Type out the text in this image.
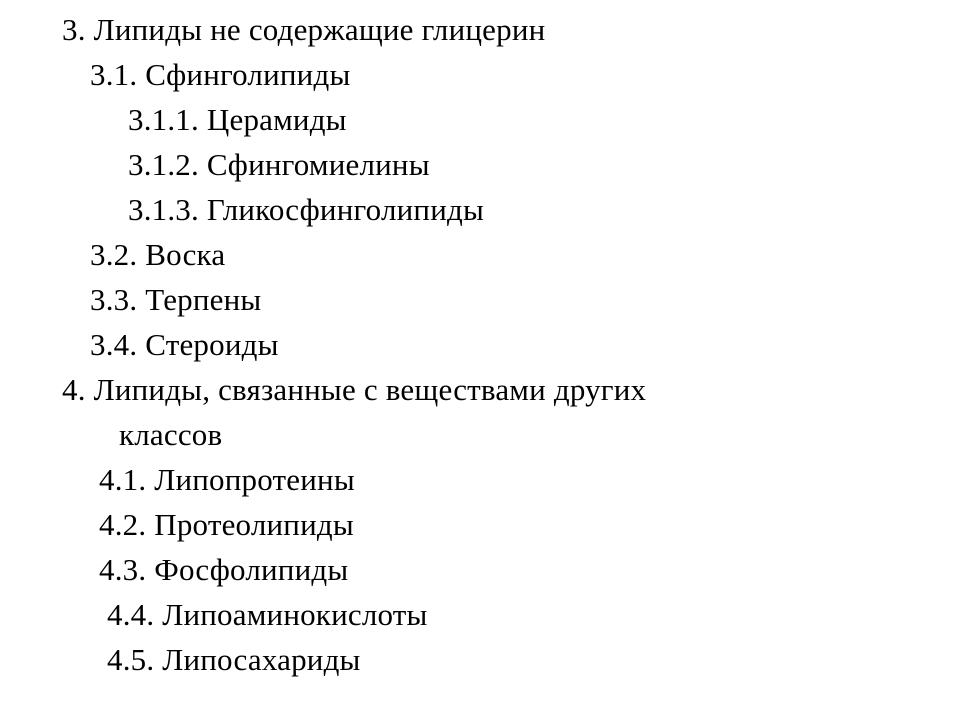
3. Липиды не содержащие глицерин
3.1. Сфинголипиды
3.1.1. Церамиды
3.1.2. Сфингомиелины
3.1.3. Гликосфинголипиды
3.2. Воска
3.3. Терпены
3.4. Стероиды
4. Липиды, связанные с веществами других
классов
4.1. Липопротеины
4.2. Протеолипиды
4.3. Фосфолипиды
4.4. Липоаминокислоты
4.5. Липосахариды
